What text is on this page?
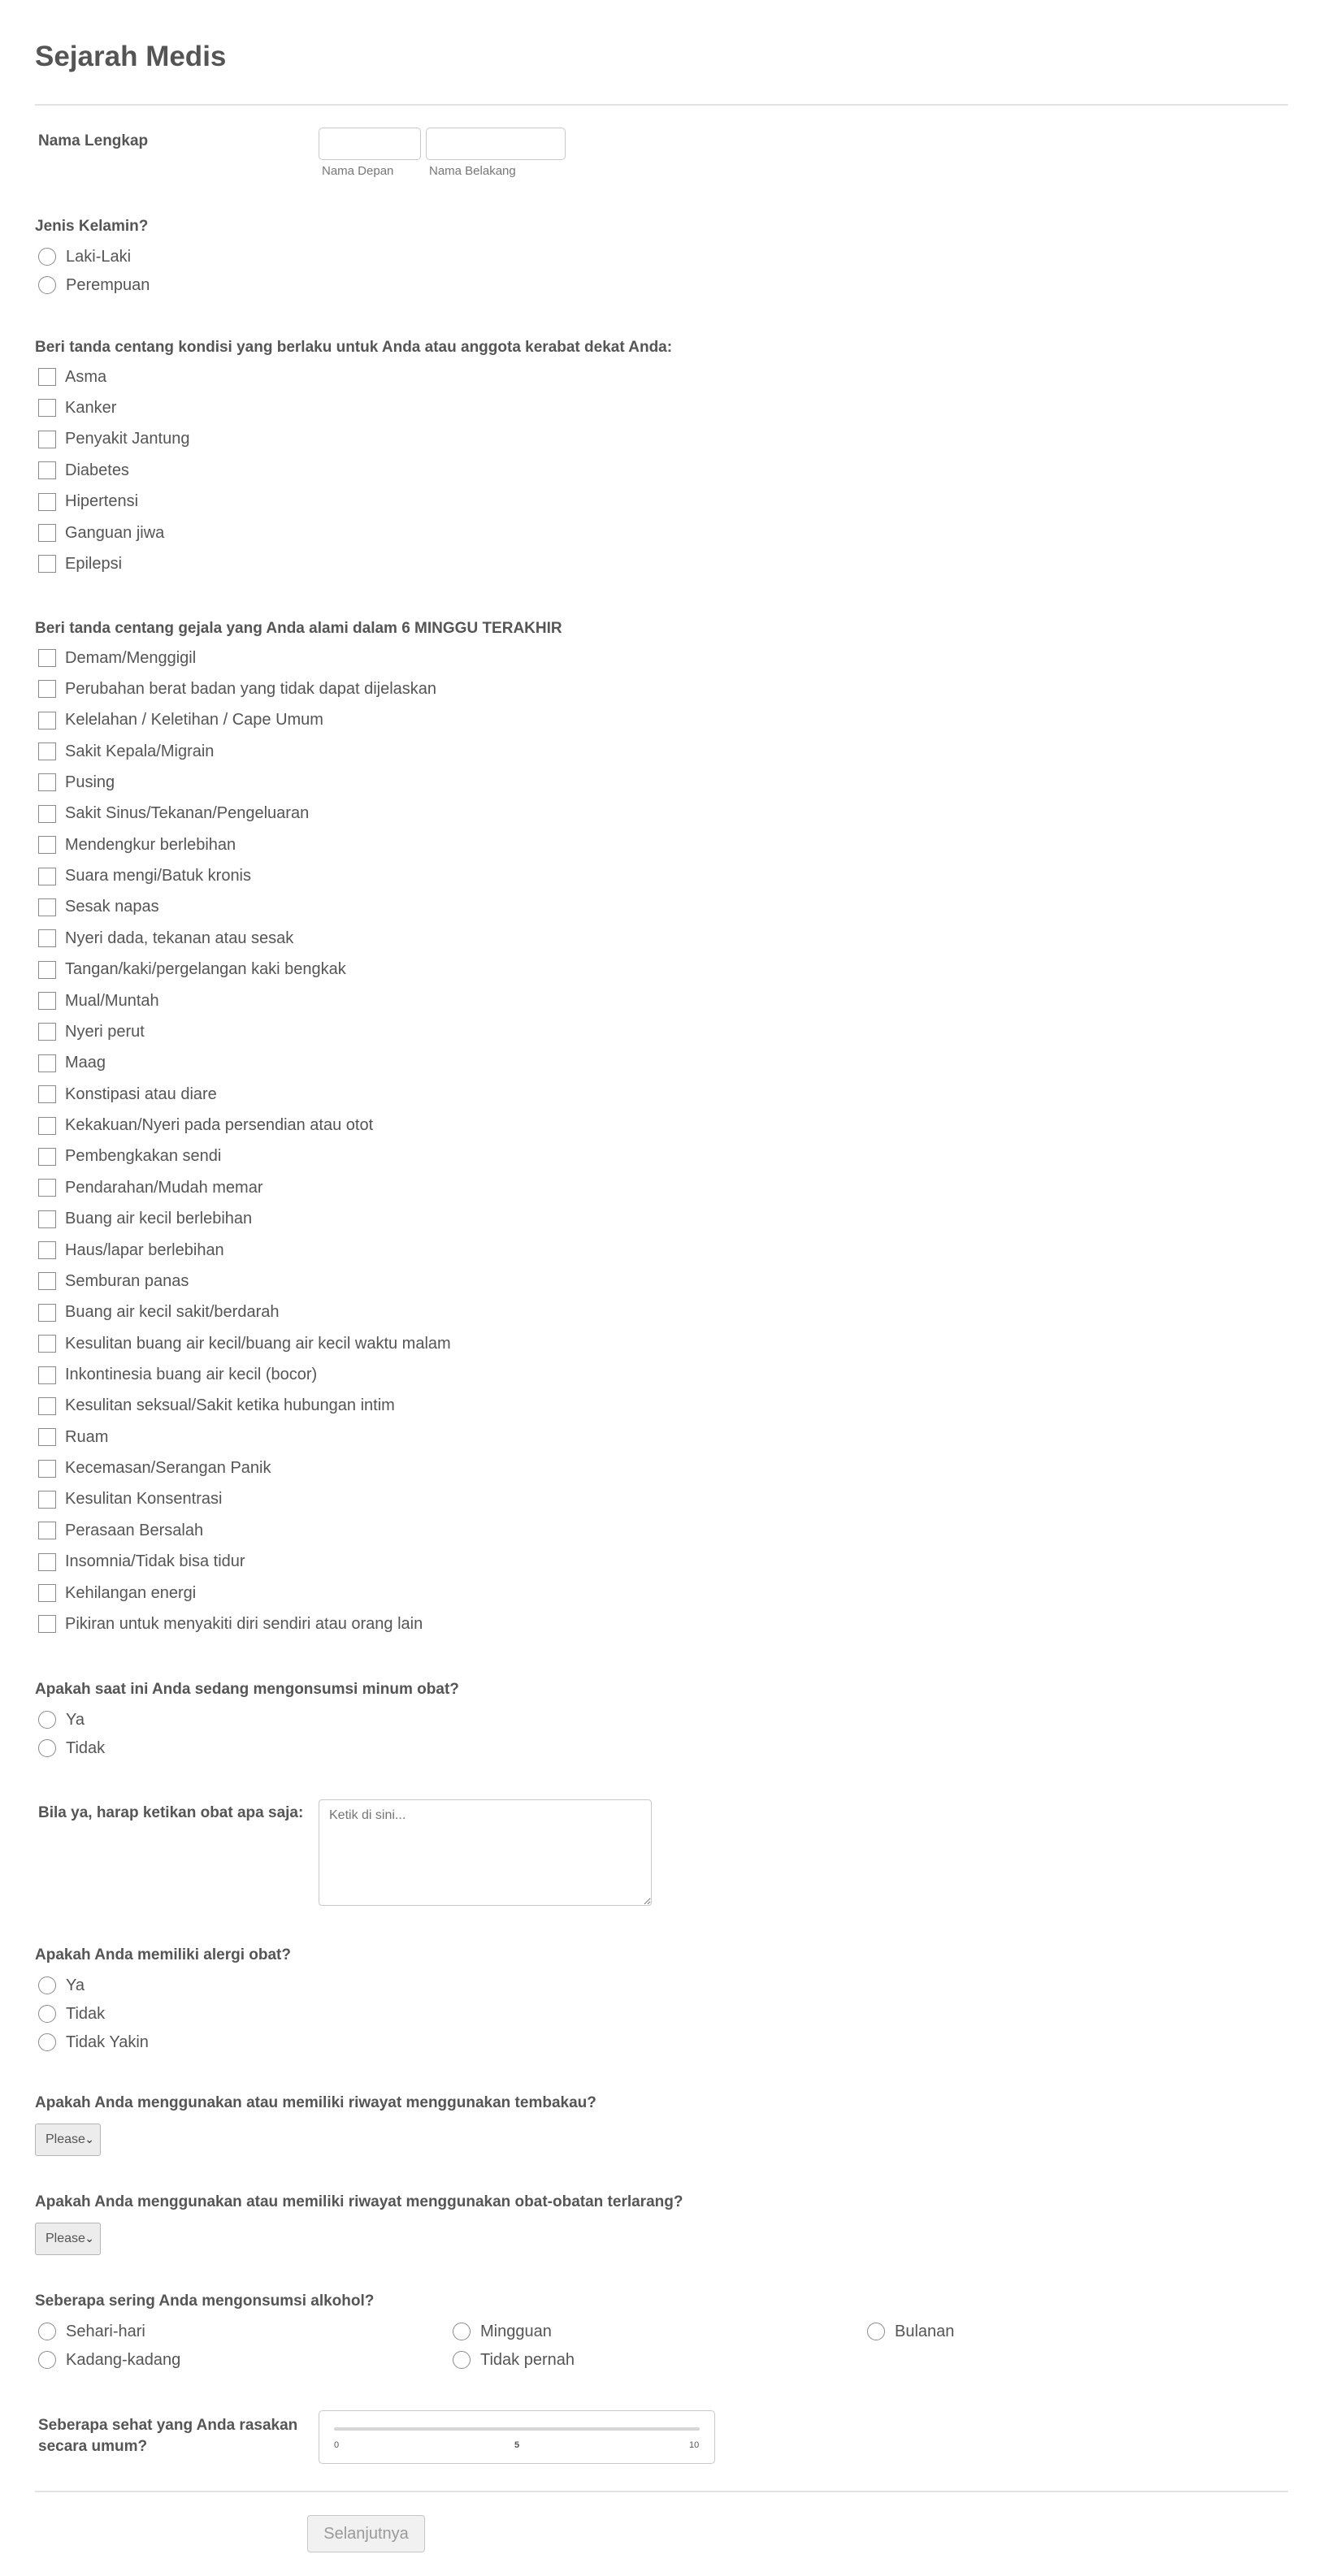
Sejarah Medis
Nama Lengkap
Nama Depan	Nama Belakang
Jenis Kelamin?
Laki-Laki
Perempuan
Beri tanda centang kondisi yang berlaku untuk Anda atau anggota kerabat dekat Anda:
Asma
Kanker
Penyakit Jantung
Diabetes
Hipertensi
Ganguan jiwa
Epilepsi
Beri tanda centang gejala yang Anda alami dalam 6 MINGGU TERAKHIR
Demam/Menggigil
Perubahan berat badan yang tidak dapat dijelaskan
Kelelahan / Keletihan / Cape Umum
Sakit Kepala/Migrain
Pusing
Sakit Sinus/Tekanan/Pengeluaran
Mendengkur berlebihan
Suara mengi/Batuk kronis
Sesak napas
Nyeri dada, tekanan atau sesak
Tangan/kaki/pergelangan kaki bengkak
Mual/Muntah
Nyeri perut
Maag
Konstipasi atau diare
Kekakuan/Nyeri pada persendian atau otot
Pembengkakan sendi
Pendarahan/Mudah memar
Buang air kecil berlebihan
Haus/lapar berlebihan
Semburan panas
Buang air kecil sakit/berdarah
Kesulitan buang air kecil/buang air kecil waktu malam
Inkontinesia buang air kecil (bocor)
Kesulitan seksual/Sakit ketika hubungan intim
Ruam
Kecemasan/Serangan Panik
Kesulitan Konsentrasi
Perasaan Bersalah
Insomnia/Tidak bisa tidur
Kehilangan energi
Pikiran untuk menyakiti diri sendiri atau orang lain
Apakah saat ini Anda sedang mengonsumsi minum obat?
Ya
Tidak
Bila ya, harap ketikan obat apa saja:
Ketik di sini...
Apakah Anda memiliki alergi obat?
Ya
Tidak
Tidak Yakin
Apakah Anda menggunakan atau memiliki riwayat menggunakan tembakau?
Please ⌄
Apakah Anda menggunakan atau memiliki riwayat menggunakan obat-obatan terlarang?
Please ⌄
Seberapa sering Anda mengonsumsi alkohol?
Sehari-hari	Mingguan	Bulanan
Kadang-kadang	Tidak pernah
Seberapa sehat yang Anda rasakan
secara umum?	0	5	10
Selanjutnya
